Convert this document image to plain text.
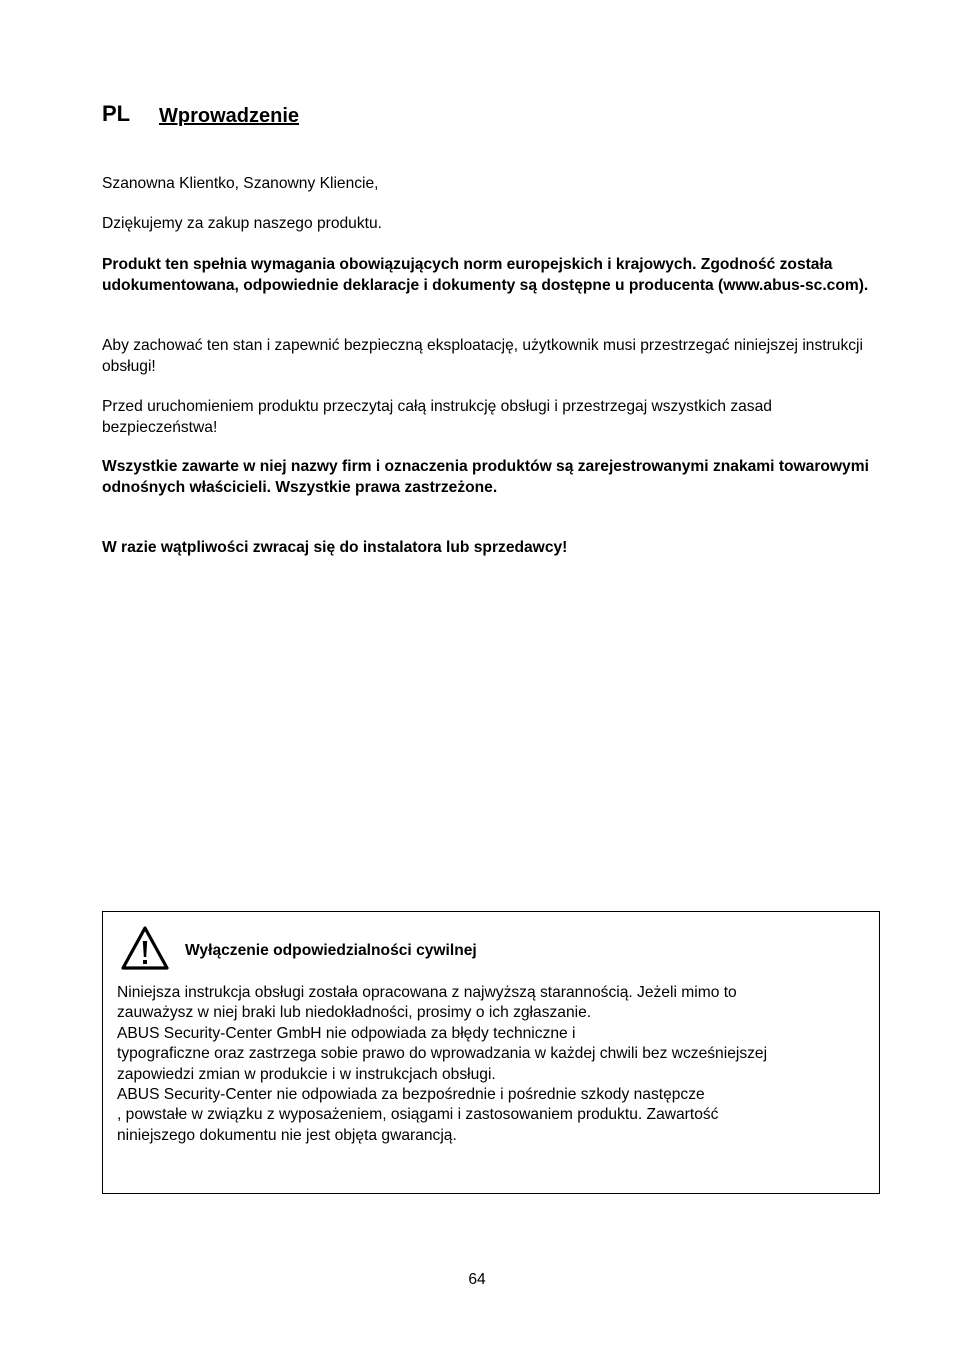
PL Wprowadzenie

Szanowna Klientko, Szanowny Kliencie,

Dziękujemy za zakup naszego produktu.

Produkt ten spełnia wymagania obowiązujących norm europejskich i krajowych. Zgodność została udokumentowana, odpowiednie deklaracje i dokumenty są dostępne u producenta (www.abus-sc.com).

Aby zachować ten stan i zapewnić bezpieczną eksploatację, użytkownik musi przestrzegać niniejszej instrukcji obsługi!

Przed uruchomieniem produktu przeczytaj całą instrukcję obsługi i przestrzegaj wszystkich zasad bezpieczeństwa!

Wszystkie zawarte w niej nazwy firm i oznaczenia produktów są zarejestrowanymi znakami towarowymi odnośnych właścicieli. Wszystkie prawa zastrzeżone.

W razie wątpliwości zwracaj się do instalatora lub sprzedawcy!

Wyłączenie odpowiedzialności cywilnej
Niniejsza instrukcja obsługi została opracowana z najwyższą starannością. Jeżeli mimo to
zauważysz w niej braki lub niedokładności, prosimy o ich zgłaszanie.
ABUS Security-Center GmbH nie odpowiada za błędy techniczne i
typograficzne oraz zastrzega sobie prawo do wprowadzania w każdej chwili bez wcześniejszej
zapowiedzi zmian w produkcie i w instrukcjach obsługi.
ABUS Security-Center nie odpowiada za bezpośrednie i pośrednie szkody następcze
, powstałe w związku z wyposażeniem, osiągami i zastosowaniem produktu. Zawartość
niniejszego dokumentu nie jest objęta gwarancją.
64
